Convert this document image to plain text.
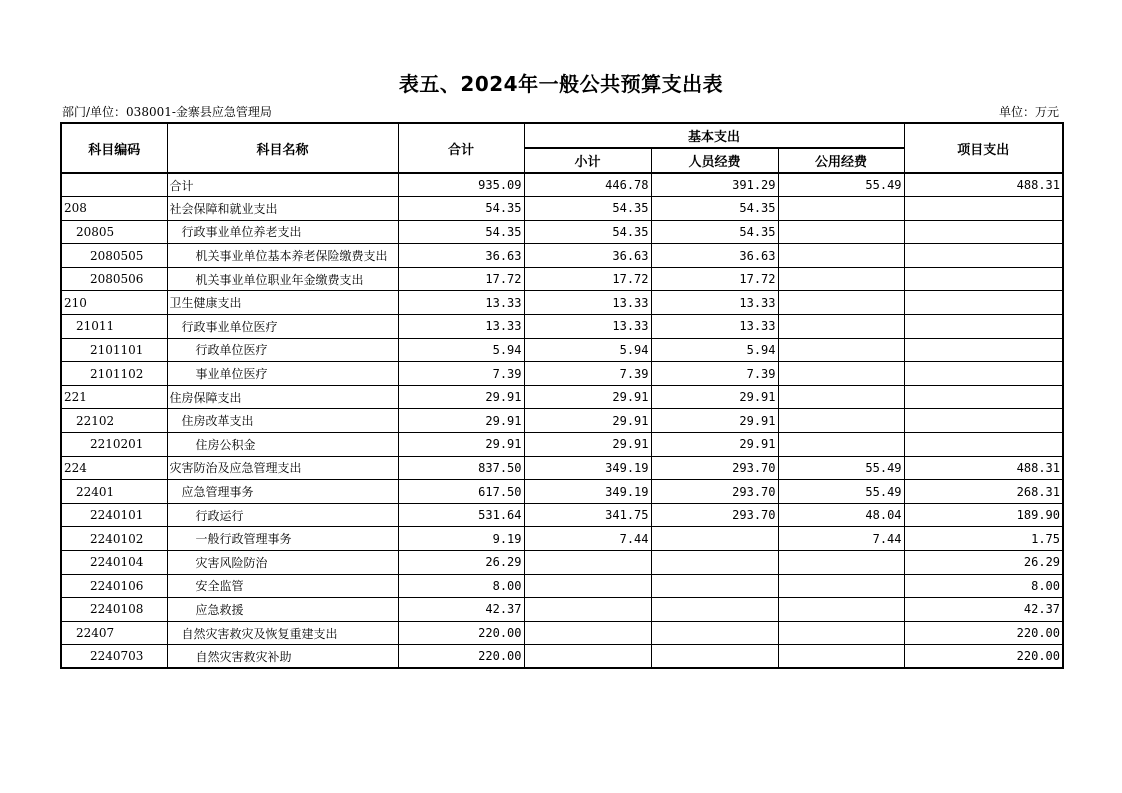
表五、2024年一般公共预算支出表
部门/单位：038001-金寨县应急管理局	单位：万元
科目编码	科目名称	合计	基本支出			项目支出
			小计	人员经费	公用经费	
	合计	935.09	446.78	391.29	55.49	488.31
208	社会保障和就业支出	54.35	54.35	54.35		
20805	行政事业单位养老支出	54.35	54.35	54.35		
2080505	机关事业单位基本养老保险缴费支出	36.63	36.63	36.63		
2080506	机关事业单位职业年金缴费支出	17.72	17.72	17.72		
210	卫生健康支出	13.33	13.33	13.33		
21011	行政事业单位医疗	13.33	13.33	13.33		
2101101	行政单位医疗	5.94	5.94	5.94		
2101102	事业单位医疗	7.39	7.39	7.39		
221	住房保障支出	29.91	29.91	29.91		
22102	住房改革支出	29.91	29.91	29.91		
2210201	住房公积金	29.91	29.91	29.91		
224	灾害防治及应急管理支出	837.50	349.19	293.70	55.49	488.31
22401	应急管理事务	617.50	349.19	293.70	55.49	268.31
2240101	行政运行	531.64	341.75	293.70	48.04	189.90
2240102	一般行政管理事务	9.19	7.44		7.44	1.75
2240104	灾害风险防治	26.29				26.29
2240106	安全监管	8.00				8.00
2240108	应急救援	42.37				42.37
22407	自然灾害救灾及恢复重建支出	220.00				220.00
2240703	自然灾害救灾补助	220.00				220.00
